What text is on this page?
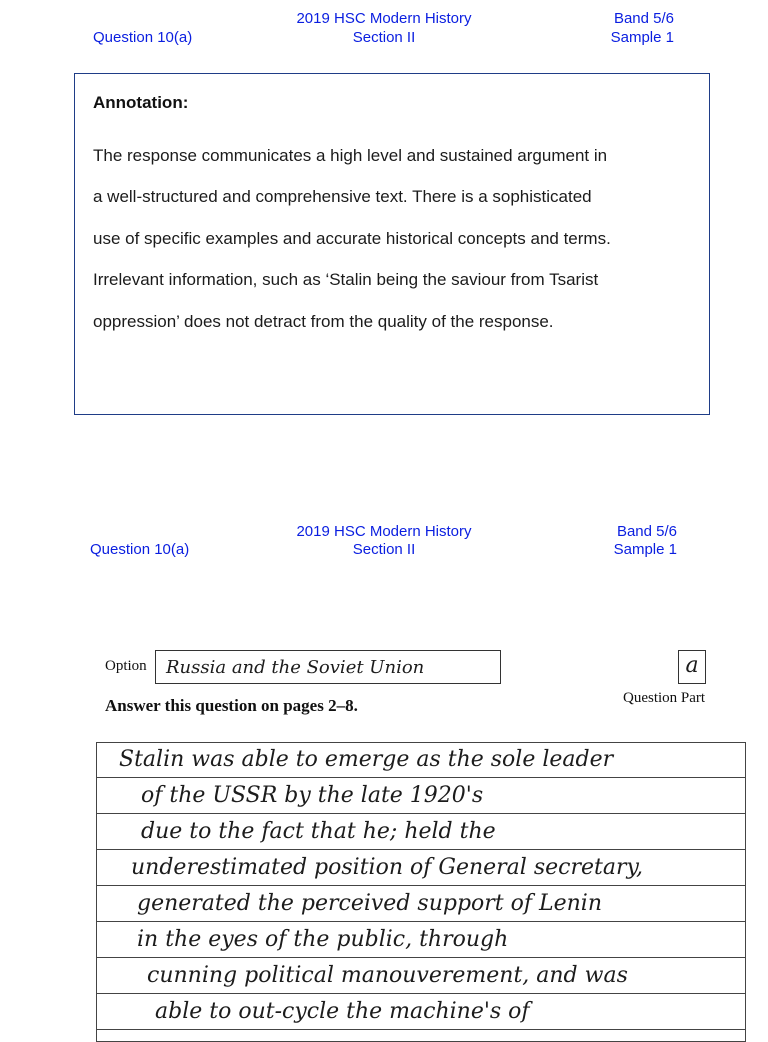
Question 10(a)
2019 HSC Modern History
Section II
Band 5/6
Sample 1
Annotation:
The response communicates a high level and sustained argument in
a well-structured and comprehensive text. There is a sophisticated
use of specific examples and accurate historical concepts and terms.
Irrelevant information, such as ‘Stalin being the saviour from Tsarist
oppression’ does not detract from the quality of the response.
Question 10(a)
2019 HSC Modern History
Section II
Band 5/6
Sample 1
Option Russia and the Soviet Union	a
Question Part
Answer this question on pages 2–8.
Stalin was able to emerge as the sole leader
of the USSR by the late 1920's
due to the fact that he; held the
underestimated position of General secretary,
generated the perceived support of Lenin
in the eyes of the public, through
cunning political manouverement, and was
able to out-cycle the machine's of
